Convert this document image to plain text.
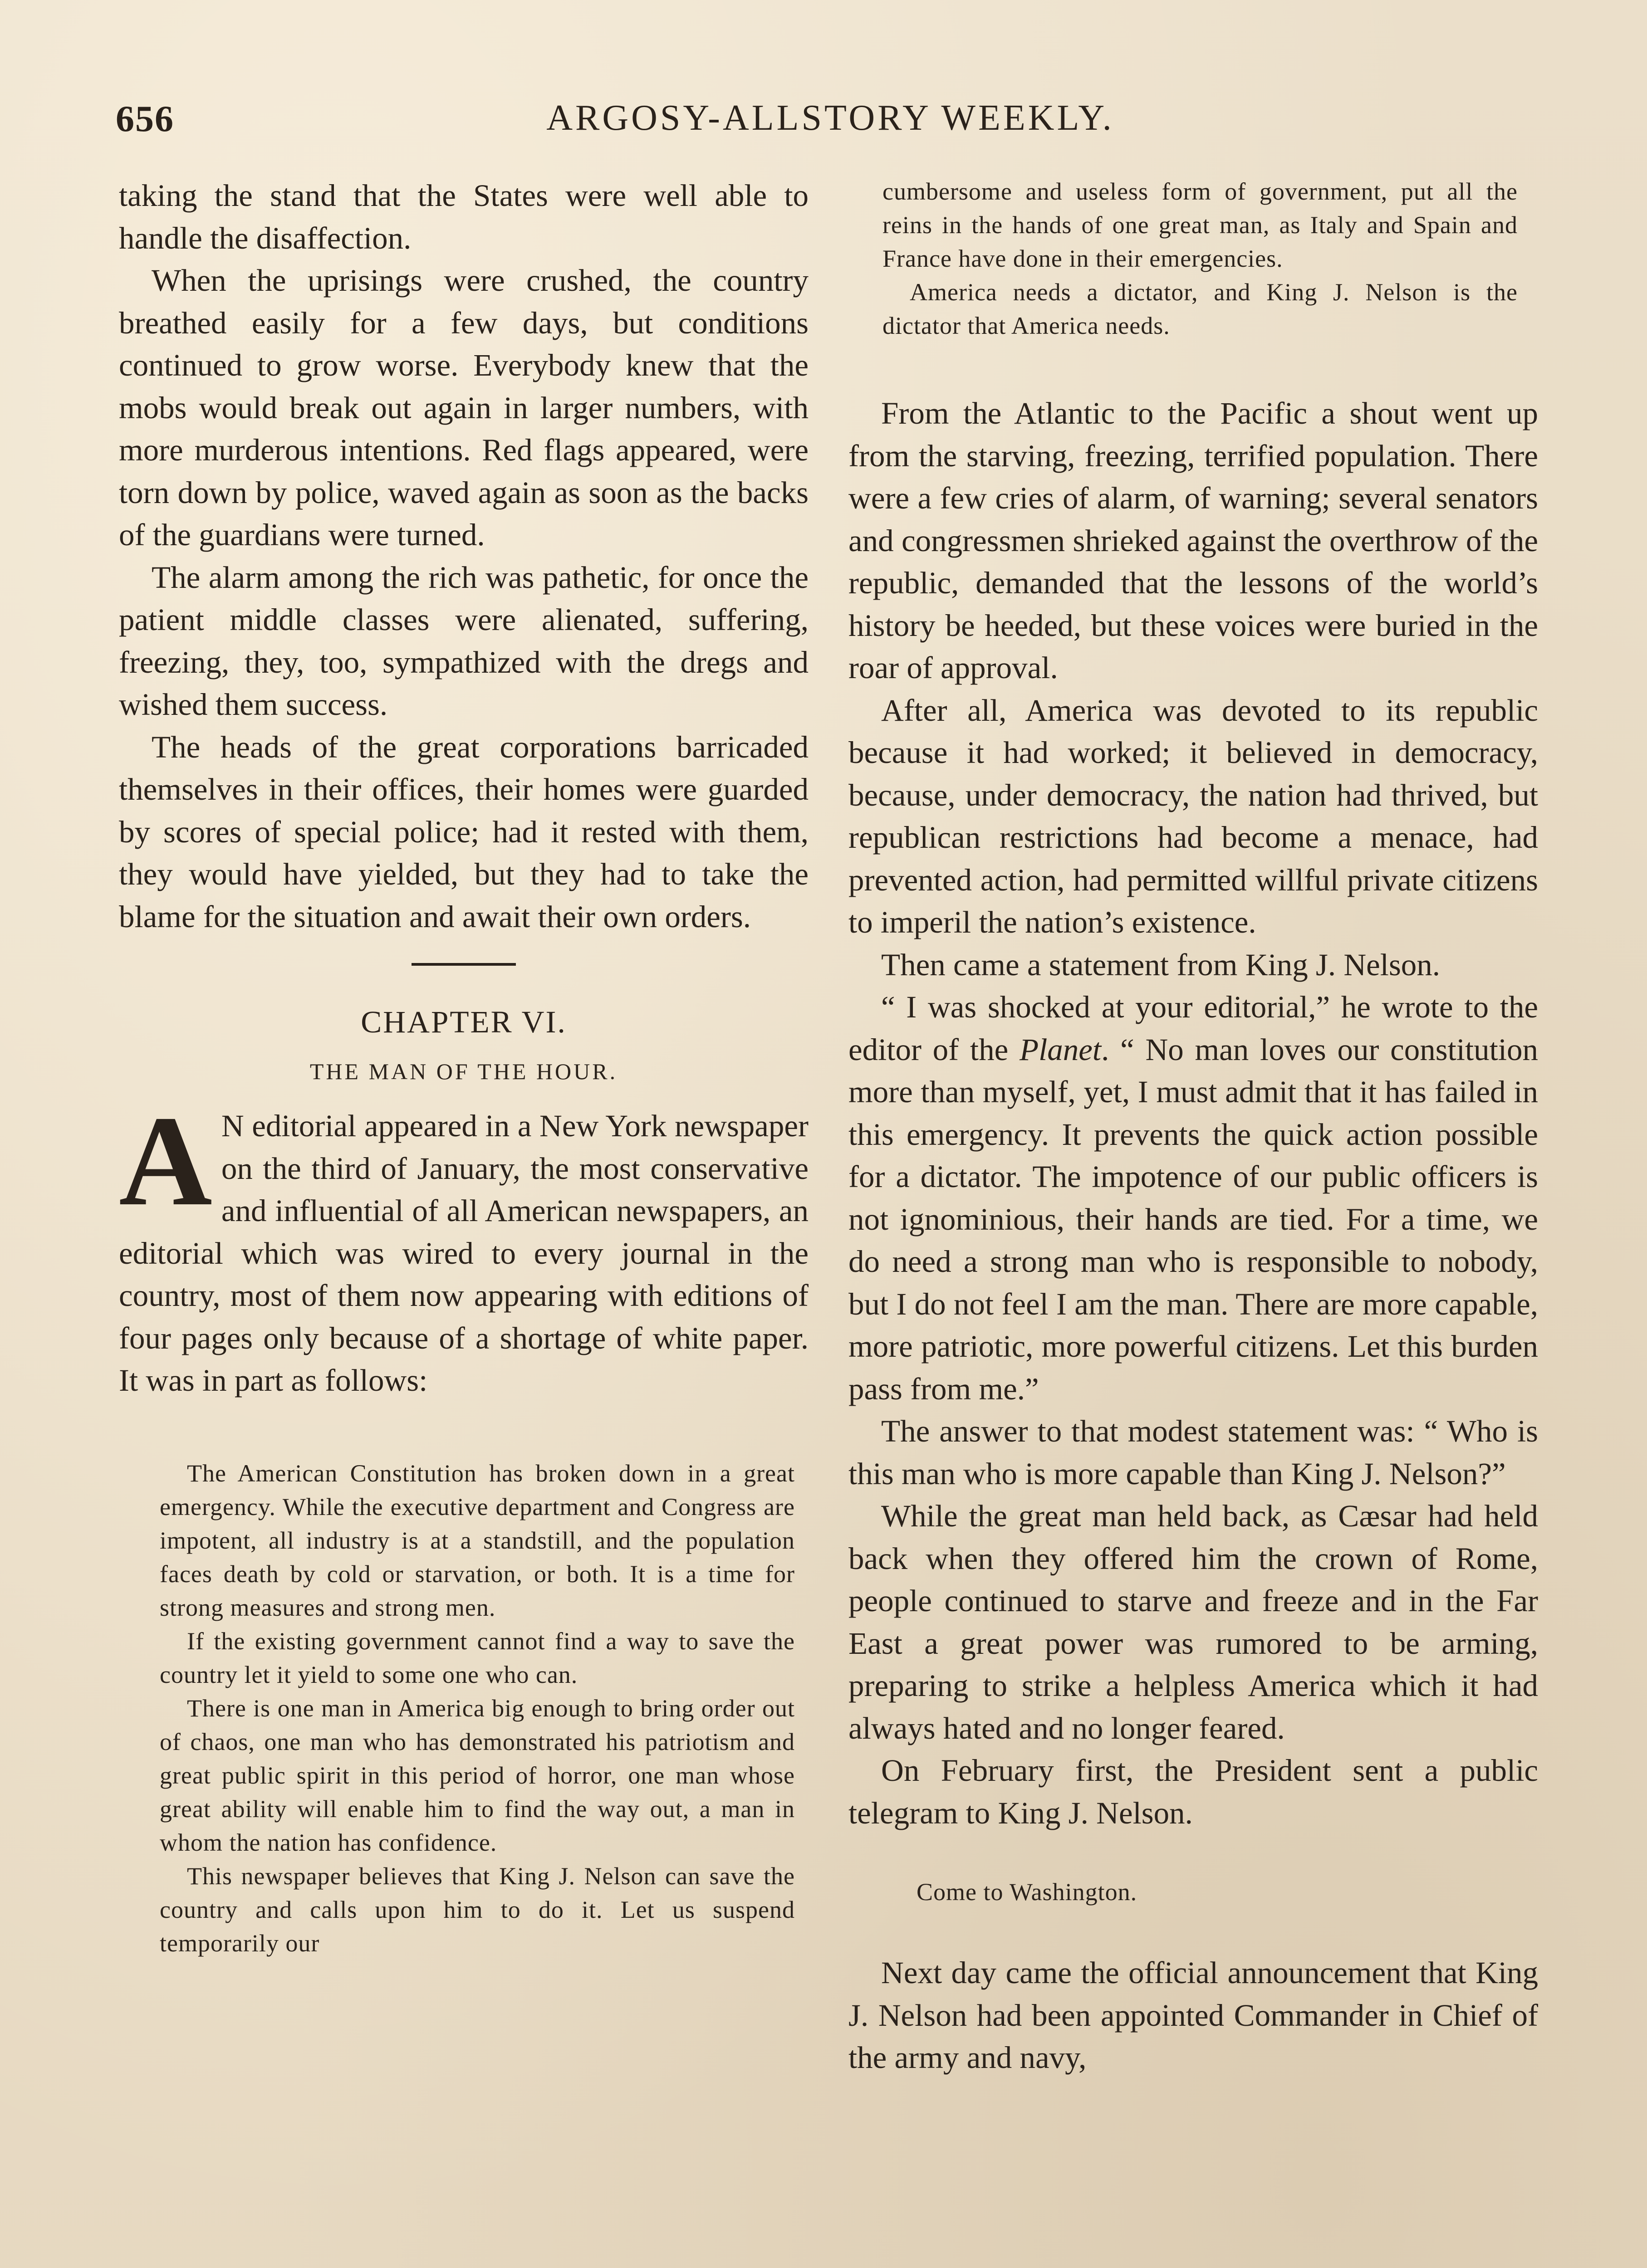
656	ARGOSY-ALLSTORY WEEKLY.

taking the stand that the States were well able to handle the disaffection.

When the uprisings were crushed, the country breathed easily for a few days, but conditions continued to grow worse. Everybody knew that the mobs would break out again in larger numbers, with more murderous intentions. Red flags appeared, were torn down by police, waved again as soon as the backs of the guardians were turned.

The alarm among the rich was pathetic, for once the patient middle classes were alienated, suffering, freezing, they, too, sympathized with the dregs and wished them success.

The heads of the great corporations barricaded themselves in their offices, their homes were guarded by scores of special police; had it rested with them, they would have yielded, but they had to take the blame for the situation and await their own orders.

CHAPTER VI.
THE MAN OF THE HOUR.

A N editorial appeared in a New York newspaper on the third of January, the most conservative and influential of all American newspapers, an editorial which was wired to every journal in the country, most of them now appearing with editions of four pages only because of a shortage of white paper. It was in part as follows:

The American Constitution has broken down in a great emergency. While the executive department and Congress are impotent, all industry is at a standstill, and the population faces death by cold or starvation, or both. It is a time for strong measures and strong men.

If the existing government cannot find a way to save the country let it yield to some one who can.

There is one man in America big enough to bring order out of chaos, one man who has demonstrated his patriotism and great public spirit in this period of horror, one man whose great ability will enable him to find the way out, a man in whom the nation has confidence.

This newspaper believes that King J. Nelson can save the country and calls upon him to do it. Let us suspend temporarily our

cumbersome and useless form of government, put all the reins in the hands of one great man, as Italy and Spain and France have done in their emergencies.

America needs a dictator, and King J. Nelson is the dictator that America needs.

From the Atlantic to the Pacific a shout went up from the starving, freezing, terrified population. There were a few cries of alarm, of warning; several senators and congressmen shrieked against the overthrow of the republic, demanded that the lessons of the world’s history be heeded, but these voices were buried in the roar of approval.

After all, America was devoted to its republic because it had worked; it believed in democracy, because, under democracy, the nation had thrived, but republican restrictions had become a menace, had prevented action, had permitted willful private citizens to imperil the nation’s existence.

Then came a statement from King J. Nelson.

“ I was shocked at your editorial,” he wrote to the editor of the Planet. “ No man loves our constitution more than myself, yet, I must admit that it has failed in this emergency. It prevents the quick action possible for a dictator. The impotence of our public officers is not ignominious, their hands are tied. For a time, we do need a strong man who is responsible to nobody, but I do not feel I am the man. There are more capable, more patriotic, more powerful citizens. Let this burden pass from me.”

The answer to that modest statement was: “ Who is this man who is more capable than King J. Nelson?”

While the great man held back, as Cæsar had held back when they offered him the crown of Rome, people continued to starve and freeze and in the Far East a great power was rumored to be arming, preparing to strike a helpless America which it had always hated and no longer feared.

On February first, the President sent a public telegram to King J. Nelson.

Come to Washington.

Next day came the official announcement that King J. Nelson had been appointed Commander in Chief of the army and navy,
